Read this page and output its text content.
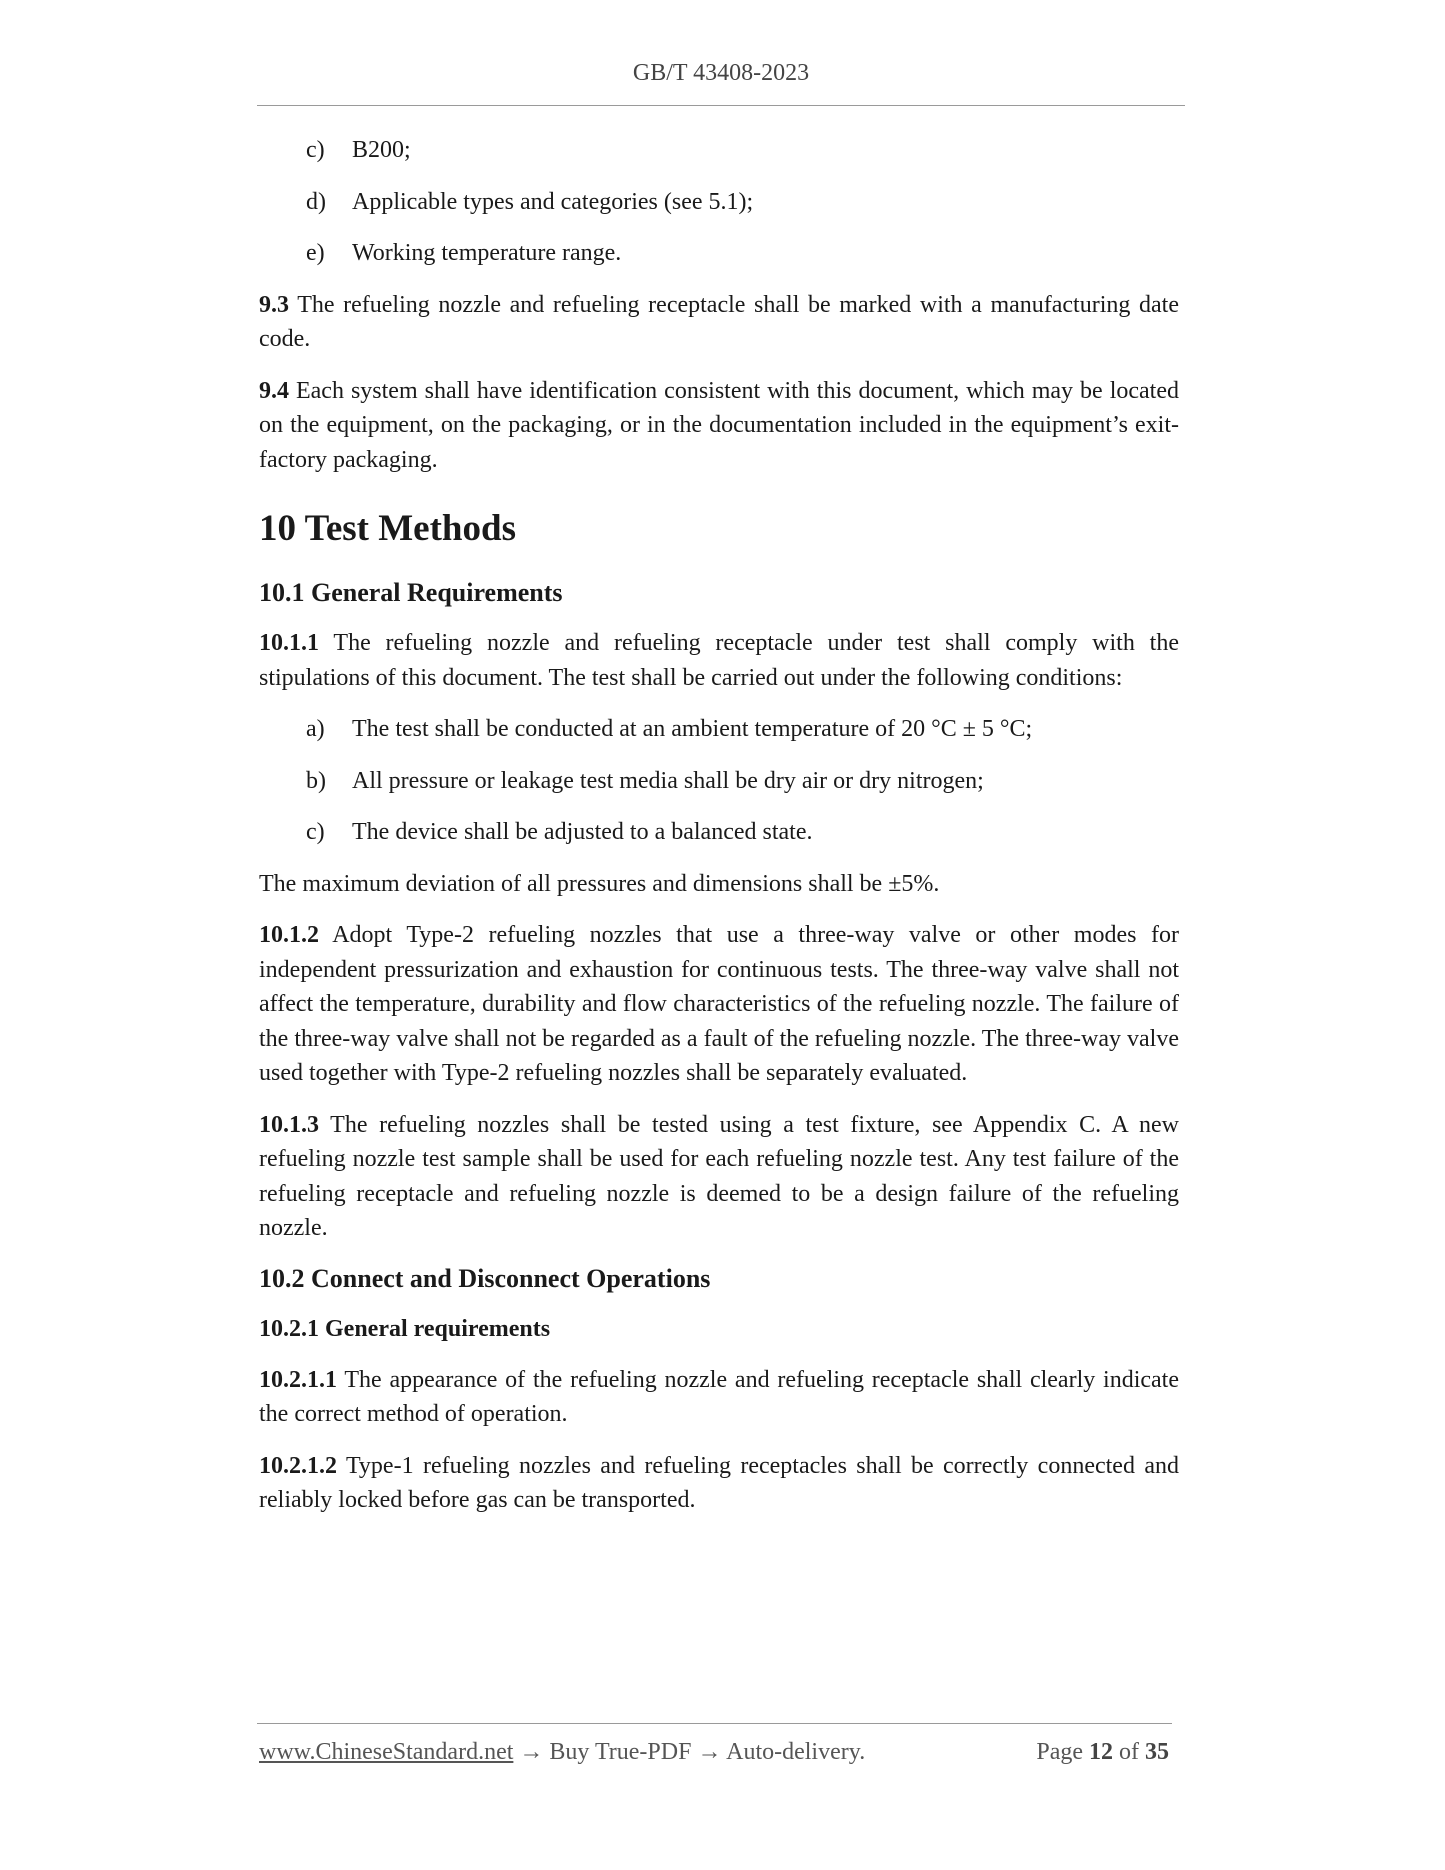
GB/T 43408-2023

c) B200;

d) Applicable types and categories (see 5.1);

e) Working temperature range.

9.3 The refueling nozzle and refueling receptacle shall be marked with a manufacturing date code.

9.4 Each system shall have identification consistent with this document, which may be located on the equipment, on the packaging, or in the documentation included in the equipment’s exit-factory packaging.

10 Test Methods
10.1 General Requirements

10.1.1 The refueling nozzle and refueling receptacle under test shall comply with the stipulations of this document. The test shall be carried out under the following conditions:

a) The test shall be conducted at an ambient temperature of 20 °C ± 5 °C;

b) All pressure or leakage test media shall be dry air or dry nitrogen;

c) The device shall be adjusted to a balanced state.

The maximum deviation of all pressures and dimensions shall be ±5%.

10.1.2 Adopt Type-2 refueling nozzles that use a three-way valve or other modes for independent pressurization and exhaustion for continuous tests. The three-way valve shall not affect the temperature, durability and flow characteristics of the refueling nozzle. The failure of the three-way valve shall not be regarded as a fault of the refueling nozzle. The three-way valve used together with Type-2 refueling nozzles shall be separately evaluated.

10.1.3 The refueling nozzles shall be tested using a test fixture, see Appendix C. A new refueling nozzle test sample shall be used for each refueling nozzle test. Any test failure of the refueling receptacle and refueling nozzle is deemed to be a design failure of the refueling nozzle.

10.2 Connect and Disconnect Operations
10.2.1 General requirements

10.2.1.1 The appearance of the refueling nozzle and refueling receptacle shall clearly indicate the correct method of operation.

10.2.1.2 Type-1 refueling nozzles and refueling receptacles shall be correctly connected and reliably locked before gas can be transported.

www.ChineseStandard.net → Buy True-PDF → Auto-delivery.	Page 12 of 35
